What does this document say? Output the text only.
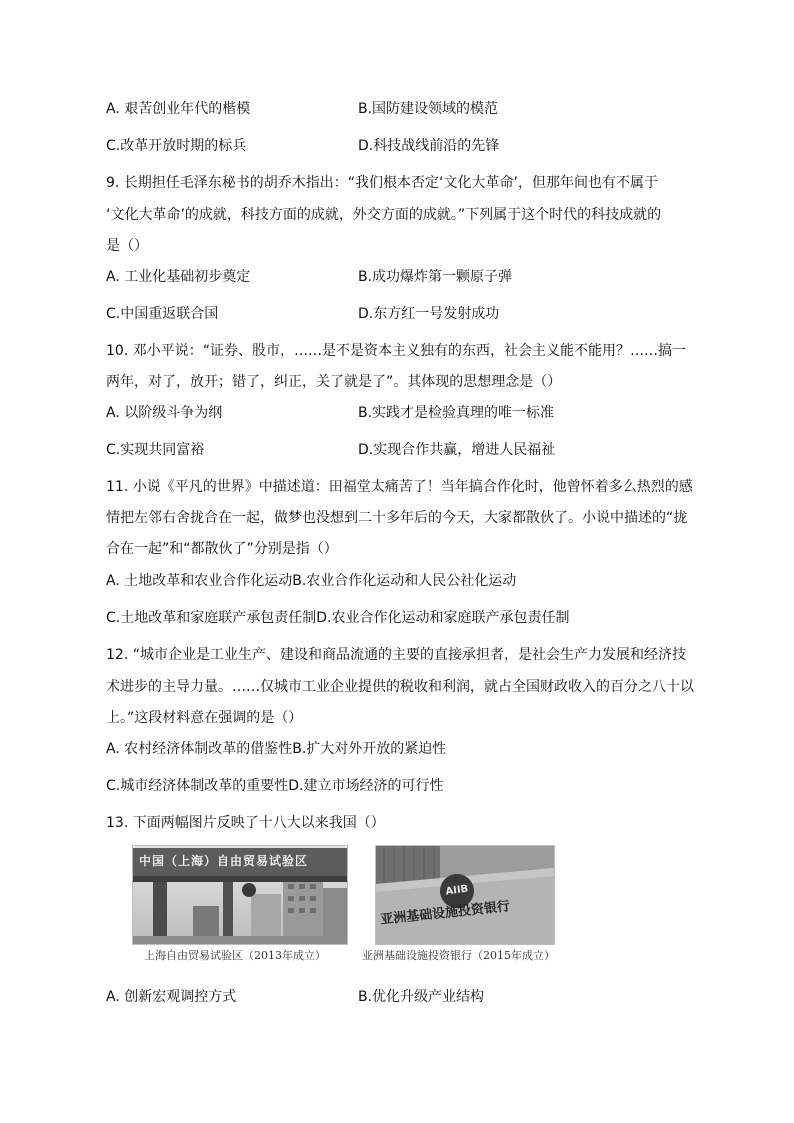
A. 艰苦创业年代的楷模	B.国防建设领域的模范
C.改革开放时期的标兵	D.科技战线前沿的先锋
9. 长期担任毛泽东秘书的胡乔木指出：“我们根本否定‘文化大革命’，但那年间也有不属于
‘文化大革命’的成就，科技方面的成就，外交方面的成就。”下列属于这个时代的科技成就的
是（）
A. 工业化基础初步奠定	B.成功爆炸第一颗原子弹
C.中国重返联合国	D.东方红一号发射成功
10. 邓小平说：“证券、股市，……是不是资本主义独有的东西，社会主义能不能用？……搞一
两年，对了，放开；错了，纠正，关了就是了”。其体现的思想理念是（）
A. 以阶级斗争为纲	B.实践才是检验真理的唯一标准
C.实现共同富裕	D.实现合作共赢，增进人民福祉
11. 小说《平凡的世界》中描述道：田福堂太痛苦了！当年搞合作化时，他曾怀着多么热烈的感
情把左邻右舍拢合在一起，做梦也没想到二十多年后的今天，大家都散伙了。小说中描述的“拢
合在一起”和“都散伙了”分别是指（）
A. 土地改革和农业合作化运动B.农业合作化运动和人民公社化运动
C.土地改革和家庭联产承包责任制D.农业合作化运动和家庭联产承包责任制
12. “城市企业是工业生产、建设和商品流通的主要的直接承担者，是社会生产力发展和经济技
术进步的主导力量。……仅城市工业企业提供的税收和利润，就占全国财政收入的百分之八十以
上。”这段材料意在强调的是（）
A. 农村经济体制改革的借鉴性B.扩大对外开放的紧迫性
C.城市经济体制改革的重要性D.建立市场经济的可行性
13. 下面两幅图片反映了十八大以来我国（）
中国（上海）自由贸易试验区
AIIB
亚洲基础设施投资银行
上海自由贸易试验区（2013年成立）	亚洲基础设施投资银行（2015年成立）
A. 创新宏观调控方式	B.优化升级产业结构
